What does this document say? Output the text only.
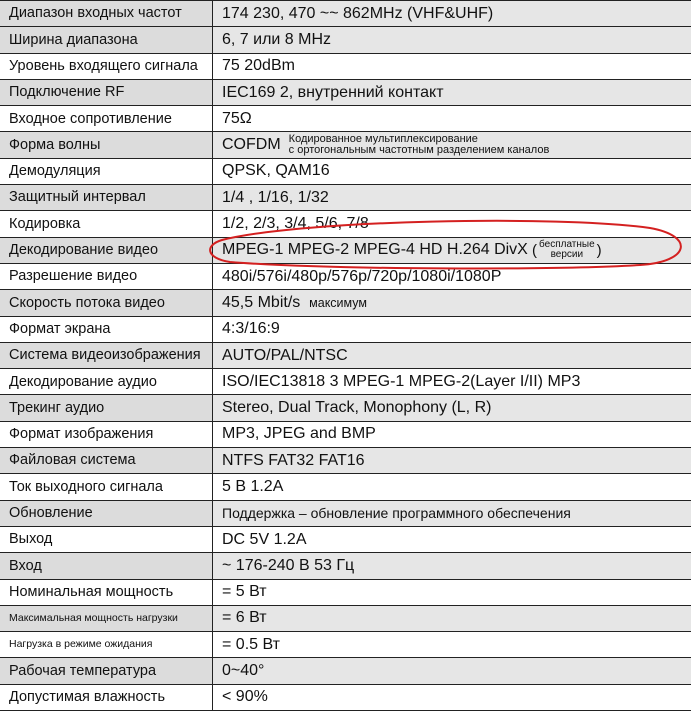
Диапазон входных частот	174 230, 470 ~~ 862MHz (VHF&UHF)
Ширина диапазона	6, 7 или 8 MHz
Уровень входящего сигнала	75 20dBm
Подключение RF	IEC169 2, внутренний контакт
Входное сопротивление	75Ω
Форма волны	COFDM Кодированное мультиплексирование
с ортогональным частотным разделением каналов
Демодуляция	QPSK, QAM16
Защитный интервал	1/4 , 1/16, 1/32
Кодировка	1/2, 2/3, 3/4, 5/6, 7/8
Декодирование видео	MPEG-1 MPEG-2 MPEG-4 HD H.264 DivX ( бесплатные
версии )
Разрешение видео	480i/576i/480p/576p/720p/1080i/1080P
Скорость потока видео	45,5 Mbit/s
максимум
Формат экрана	4:3/16:9
Система видеоизображения	AUTO/PAL/NTSC
Декодирование аудио	ISO/IEC13818 3 MPEG-1 MPEG-2(Layer I/II) MP3
Трекинг аудио	Stereo, Dual Track, Monophony (L, R)
Формат изображения	MP3, JPEG and BMP
Файловая система	NTFS FAT32 FAT16
Ток выходного сигнала	5 В 1.2А
Обновление	Поддержка – обновление программного обеспечения
Выход	DC 5V 1.2A
Вход	~ 176-240 В 53 Гц
Номинальная мощность	= 5 Вт
Максимальная мощность нагрузки	= 6 Вт
Нагрузка в режиме ожидания	= 0.5 Вт
Рабочая температура	0~40°
Допустимая влажность	< 90%
